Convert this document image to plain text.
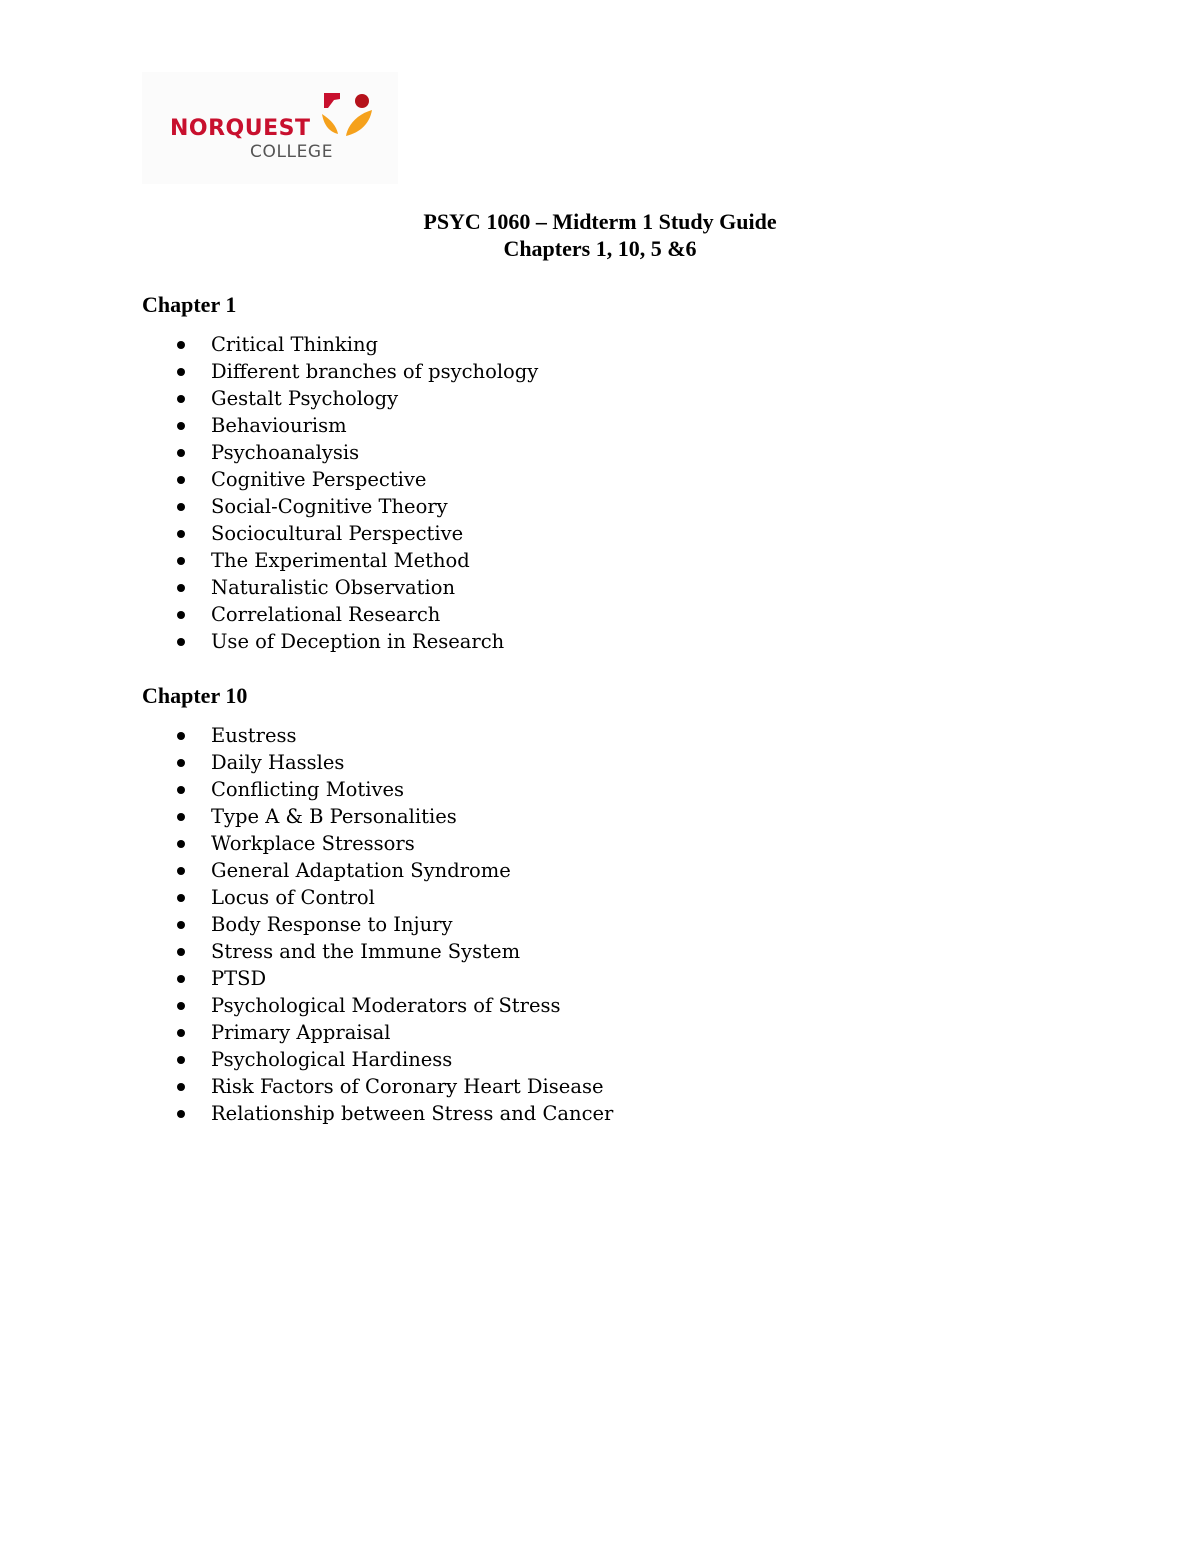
NORQUEST
COLLEGE
PSYC 1060 – Midterm 1 Study Guide
Chapters 1, 10, 5 &6
Chapter 1
Critical Thinking
Different branches of psychology
Gestalt Psychology
Behaviourism
Psychoanalysis
Cognitive Perspective
Social-Cognitive Theory
Sociocultural Perspective
The Experimental Method
Naturalistic Observation
Correlational Research
Use of Deception in Research
Chapter 10
Eustress
Daily Hassles
Conflicting Motives
Type A & B Personalities
Workplace Stressors
General Adaptation Syndrome
Locus of Control
Body Response to Injury
Stress and the Immune System
PTSD
Psychological Moderators of Stress
Primary Appraisal
Psychological Hardiness
Risk Factors of Coronary Heart Disease
Relationship between Stress and Cancer
